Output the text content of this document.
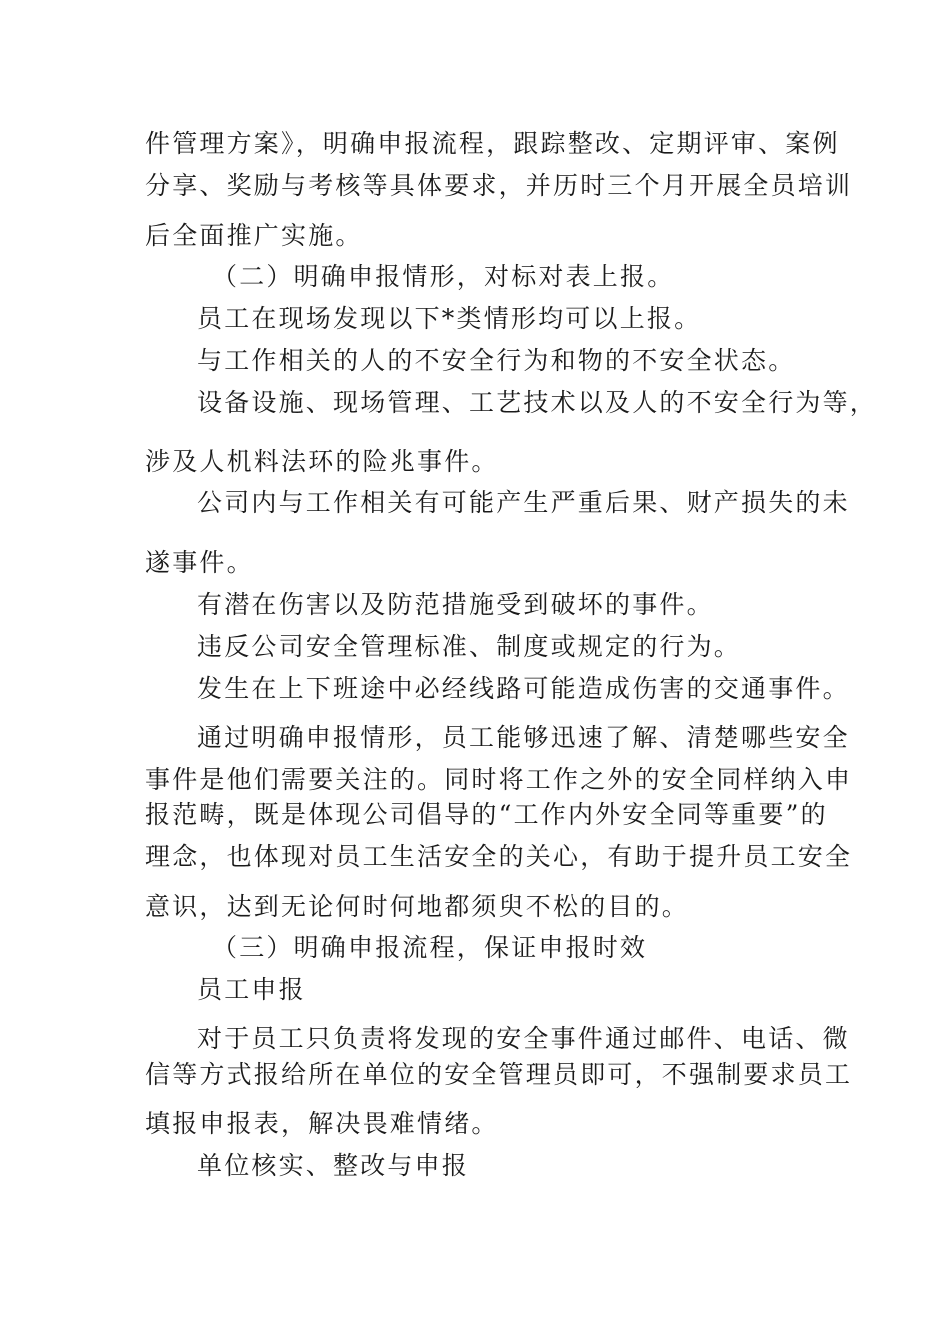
件管理方案》，明确申报流程，跟踪整改、定期评审、案例
分享、奖励与考核等具体要求，并历时三个月开展全员培训
后全面推广实施。
（二）明确申报情形，对标对表上报。
员工在现场发现以下*类情形均可以上报。
与工作相关的人的不安全行为和物的不安全状态。
设备设施、现场管理、工艺技术以及人的不安全行为等，
涉及人机料法环的险兆事件。
公司内与工作相关有可能产生严重后果、财产损失的未
遂事件。
有潜在伤害以及防范措施受到破坏的事件。
违反公司安全管理标准、制度或规定的行为。
发生在上下班途中必经线路可能造成伤害的交通事件。
通过明确申报情形，员工能够迅速了解、清楚哪些安全
事件是他们需要关注的。同时将工作之外的安全同样纳入申
报范畴，既是体现公司倡导的“工作内外安全同等重要”的
理念，也体现对员工生活安全的关心，有助于提升员工安全
意识，达到无论何时何地都须臾不松的目的。
（三）明确申报流程，保证申报时效
员工申报
对于员工只负责将发现的安全事件通过邮件、电话、微
信等方式报给所在单位的安全管理员即可，不强制要求员工
填报申报表，解决畏难情绪。
单位核实、整改与申报
